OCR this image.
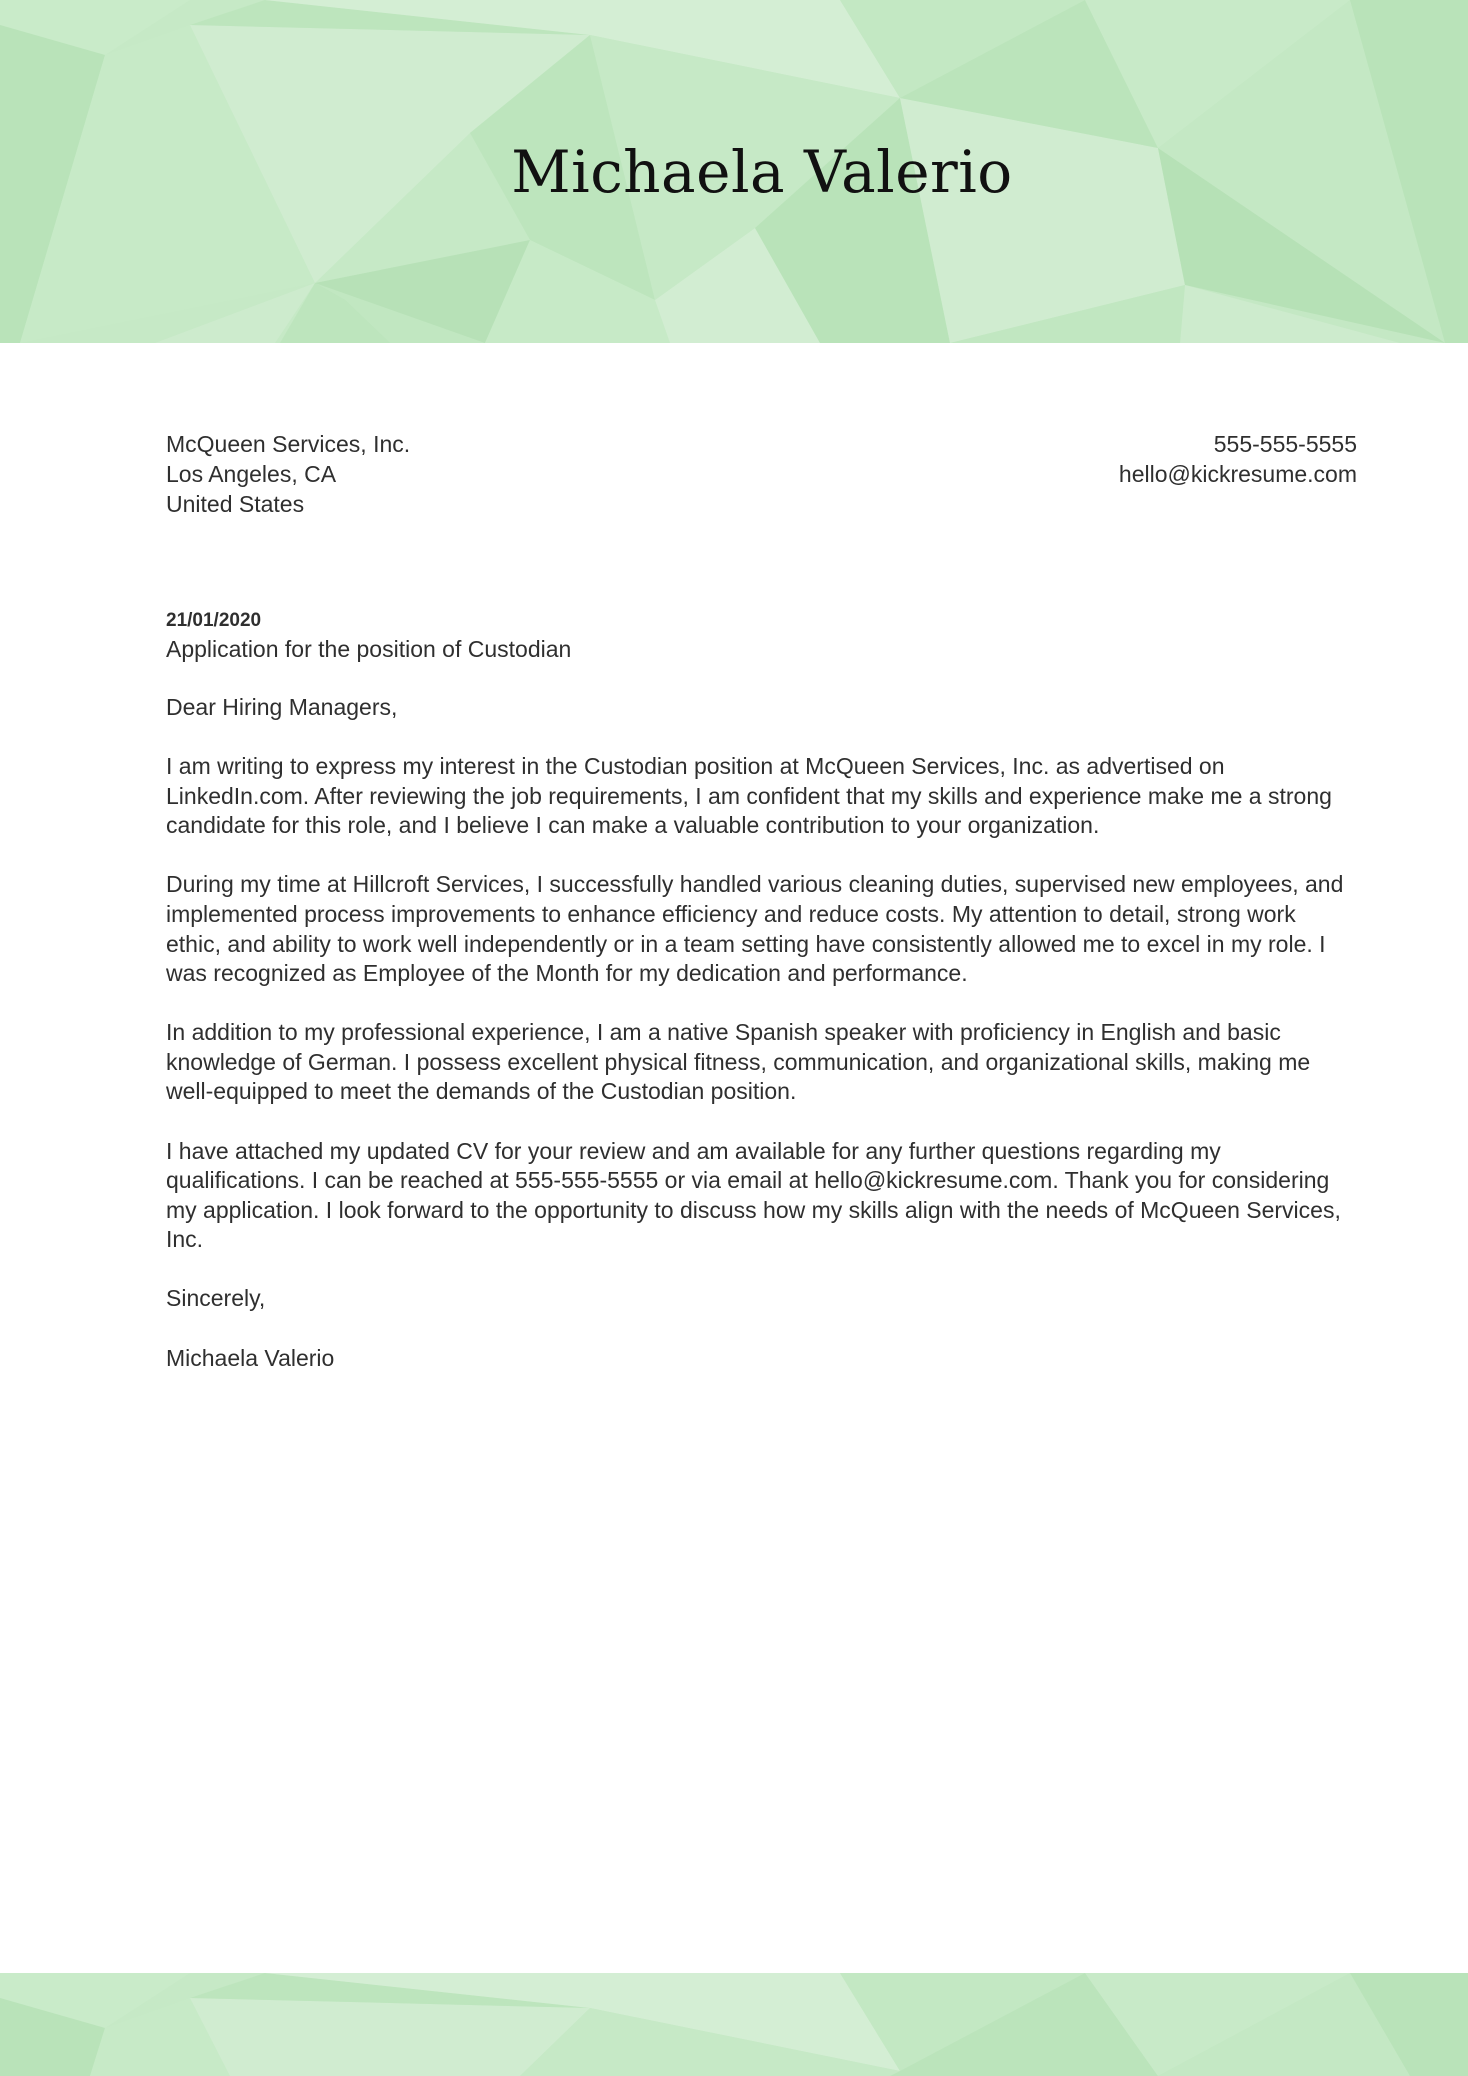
Michaela Valerio
McQueen Services, Inc.
Los Angeles, CA
United States
555-555-5555
hello@kickresume.com

21/01/2020

Application for the position of Custodian

Dear Hiring Managers,

I am writing to express my interest in the Custodian position at McQueen Services, Inc. as advertised on LinkedIn.com. After reviewing the job requirements, I am confident that my skills and experience make me a strong candidate for this role, and I believe I can make a valuable contribution to your organization.

During my time at Hillcroft Services, I successfully handled various cleaning duties, supervised new employees, and implemented process improvements to enhance efficiency and reduce costs. My attention to detail, strong work ethic, and ability to work well independently or in a team setting have consistently allowed me to excel in my role. I was recognized as Employee of the Month for my dedication and performance.

In addition to my professional experience, I am a native Spanish speaker with proficiency in English and basic knowledge of German. I possess excellent physical fitness, communication, and organizational skills, making me well-equipped to meet the demands of the Custodian position.

I have attached my updated CV for your review and am available for any further questions regarding my qualifications. I can be reached at 555-555-5555 or via email at hello@kickresume.com. Thank you for considering my application. I look forward to the opportunity to discuss how my skills align with the needs of McQueen Services, Inc.

Sincerely,

Michaela Valerio
